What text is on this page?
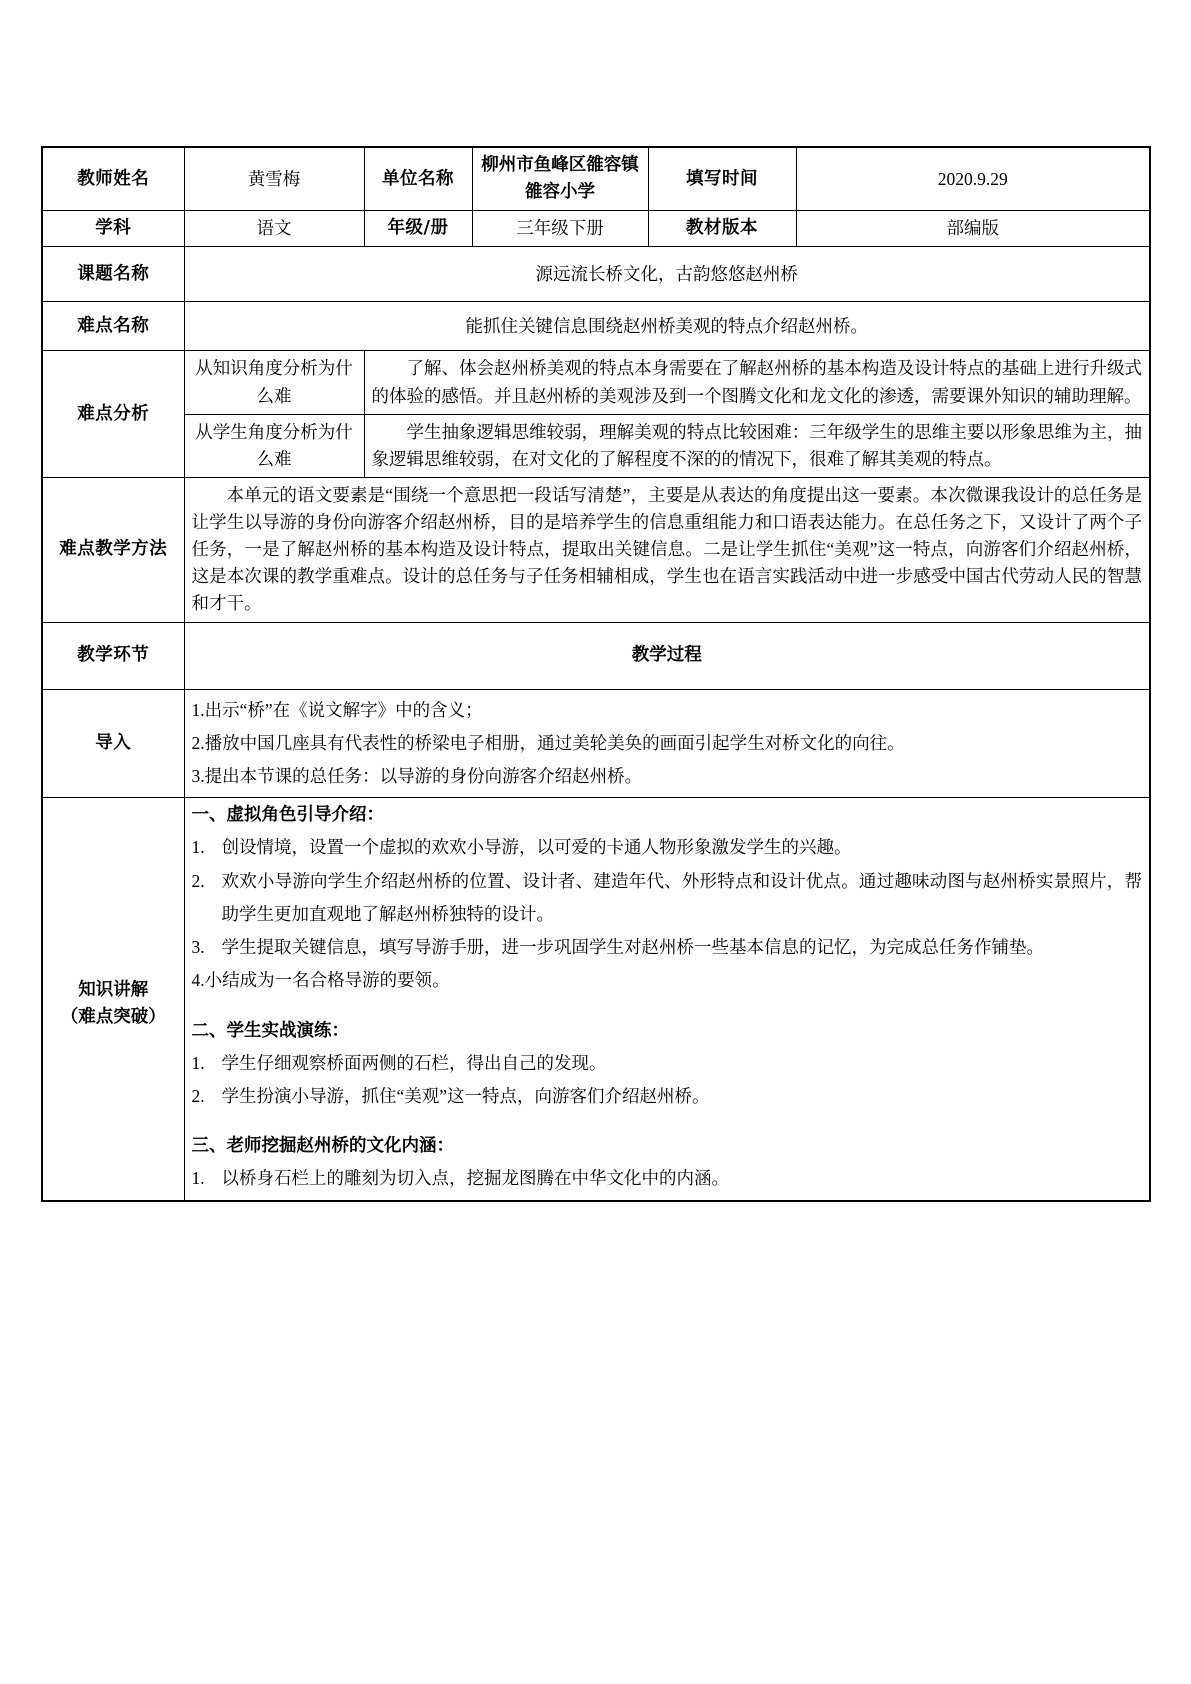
教师姓名	黄雪梅	单位名称	柳州市鱼峰区雒容镇雒容小学	填写时间	2020.9.29
学科	语文	年级/册	三年级下册	教材版本	部编版
课题名称	源远流长桥文化，古韵悠悠赵州桥				
难点名称	能抓住关键信息围绕赵州桥美观的特点介绍赵州桥。				
难点分析	从知识角度分析为什么难	了解、体会赵州桥美观的特点本身需要在了解赵州桥的基本构造及设计特点的基础上进行升级式的体验的感悟。并且赵州桥的美观涉及到一个图腾文化和龙文化的渗透，需要课外知识的辅助理解。			
	从学生角度分析为什么难	学生抽象逻辑思维较弱，理解美观的特点比较困难：三年级学生的思维主要以形象思维为主，抽象逻辑思维较弱，在对文化的了解程度不深的的情况下，很难了解其美观的特点。			
难点教学方法	本单元的语文要素是“围绕一个意思把一段话写清楚”，主要是从表达的角度提出这一要素。本次微课我设计的总任务是让学生以导游的身份向游客介绍赵州桥，目的是培养学生的信息重组能力和口语表达能力。在总任务之下，又设计了两个子任务，一是了解赵州桥的基本构造及设计特点，提取出关键信息。二是让学生抓住“美观”这一特点，向游客们介绍赵州桥，这是本次课的教学重难点。设计的总任务与子任务相辅相成，学生也在语言实践活动中进一步感受中国古代劳动人民的智慧和才干。				
教学环节	教学过程				
导入	1.出示“桥”在《说文解字》中的含义；

2.播放中国几座具有代表性的桥梁电子相册，通过美轮美奂的画面引起学生对桥文化的向往。

3.提出本节课的总任务：以导游的身份向游客介绍赵州桥。				

知识讲解
（难点突破）

一、虚拟角色引导介绍：

1. 创设情境，设置一个虚拟的欢欢小导游，以可爱的卡通人物形象激发学生的兴趣。
2. 欢欢小导游向学生介绍赵州桥的位置、设计者、建造年代、外形特点和设计优点。通过趣味动图与赵州桥实景照片，帮助学生更加直观地了解赵州桥独特的设计。
3. 学生提取关键信息，填写导游手册，进一步巩固学生对赵州桥一些基本信息的记忆，为完成总任务作铺垫。

4.小结成为一名合格导游的要领。

二、学生实战演练：

1. 学生仔细观察桥面两侧的石栏，得出自己的发现。
2. 学生扮演小导游，抓住“美观”这一特点，向游客们介绍赵州桥。

三、老师挖掘赵州桥的文化内涵：

1. 以桥身石栏上的雕刻为切入点，挖掘龙图腾在中华文化中的内涵。
